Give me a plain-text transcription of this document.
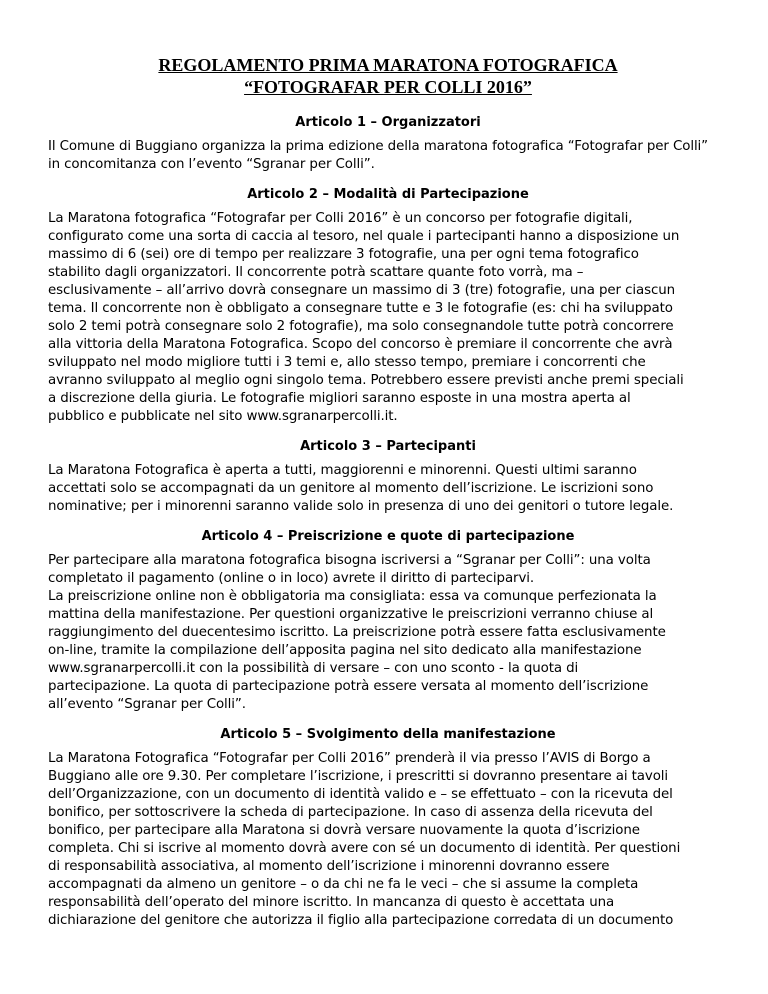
REGOLAMENTO PRIMA MARATONA FOTOGRAFICA

“FOTOGRAFAR PER COLLI 2016”

Articolo 1 – Organizzatori
Il Comune di Buggiano organizza la prima edizione della maratona fotografica “Fotografar per Colli”
in concomitanza con l’evento “Sgranar per Colli”.
Articolo 2 – Modalità di Partecipazione
La Maratona fotografica “Fotografar per Colli 2016” è un concorso per fotografie digitali,
configurato come una sorta di caccia al tesoro, nel quale i partecipanti hanno a disposizione un
massimo di 6 (sei) ore di tempo per realizzare 3 fotografie, una per ogni tema fotografico
stabilito dagli organizzatori. Il concorrente potrà scattare quante foto vorrà, ma –
esclusivamente – all’arrivo dovrà consegnare un massimo di 3 (tre) fotografie, una per ciascun
tema. Il concorrente non è obbligato a consegnare tutte e 3 le fotografie (es: chi ha sviluppato
solo 2 temi potrà consegnare solo 2 fotografie), ma solo consegnandole tutte potrà concorrere
alla vittoria della Maratona Fotografica. Scopo del concorso è premiare il concorrente che avrà
sviluppato nel modo migliore tutti i 3 temi e, allo stesso tempo, premiare i concorrenti che
avranno sviluppato al meglio ogni singolo tema. Potrebbero essere previsti anche premi speciali
a discrezione della giuria. Le fotografie migliori saranno esposte in una mostra aperta al
pubblico e pubblicate nel sito www.sgranarpercolli.it.
Articolo 3 – Partecipanti
La Maratona Fotografica è aperta a tutti, maggiorenni e minorenni. Questi ultimi saranno
accettati solo se accompagnati da un genitore al momento dell’iscrizione. Le iscrizioni sono
nominative; per i minorenni saranno valide solo in presenza di uno dei genitori o tutore legale.
Articolo 4 – Preiscrizione e quote di partecipazione
Per partecipare alla maratona fotografica bisogna iscriversi a “Sgranar per Colli”: una volta
completato il pagamento (online o in loco) avrete il diritto di parteciparvi.
La preiscrizione online non è obbligatoria ma consigliata: essa va comunque perfezionata la
mattina della manifestazione. Per questioni organizzative le preiscrizioni verranno chiuse al
raggiungimento del duecentesimo iscritto. La preiscrizione potrà essere fatta esclusivamente
on-line, tramite la compilazione dell’apposita pagina nel sito dedicato alla manifestazione
www.sgranarpercolli.it con la possibilità di versare – con uno sconto - la quota di
partecipazione. La quota di partecipazione potrà essere versata al momento dell’iscrizione
all’evento “Sgranar per Colli”.
Articolo 5 – Svolgimento della manifestazione
La Maratona Fotografica “Fotografar per Colli 2016” prenderà il via presso l’AVIS di Borgo a
Buggiano alle ore 9.30. Per completare l’iscrizione, i prescritti si dovranno presentare ai tavoli
dell’Organizzazione, con un documento di identità valido e – se effettuato – con la ricevuta del
bonifico, per sottoscrivere la scheda di partecipazione. In caso di assenza della ricevuta del
bonifico, per partecipare alla Maratona si dovrà versare nuovamente la quota d’iscrizione
completa. Chi si iscrive al momento dovrà avere con sé un documento di identità. Per questioni
di responsabilità associativa, al momento dell’iscrizione i minorenni dovranno essere
accompagnati da almeno un genitore – o da chi ne fa le veci – che si assume la completa
responsabilità dell’operato del minore iscritto. In mancanza di questo è accettata una
dichiarazione del genitore che autorizza il figlio alla partecipazione corredata di un documento
